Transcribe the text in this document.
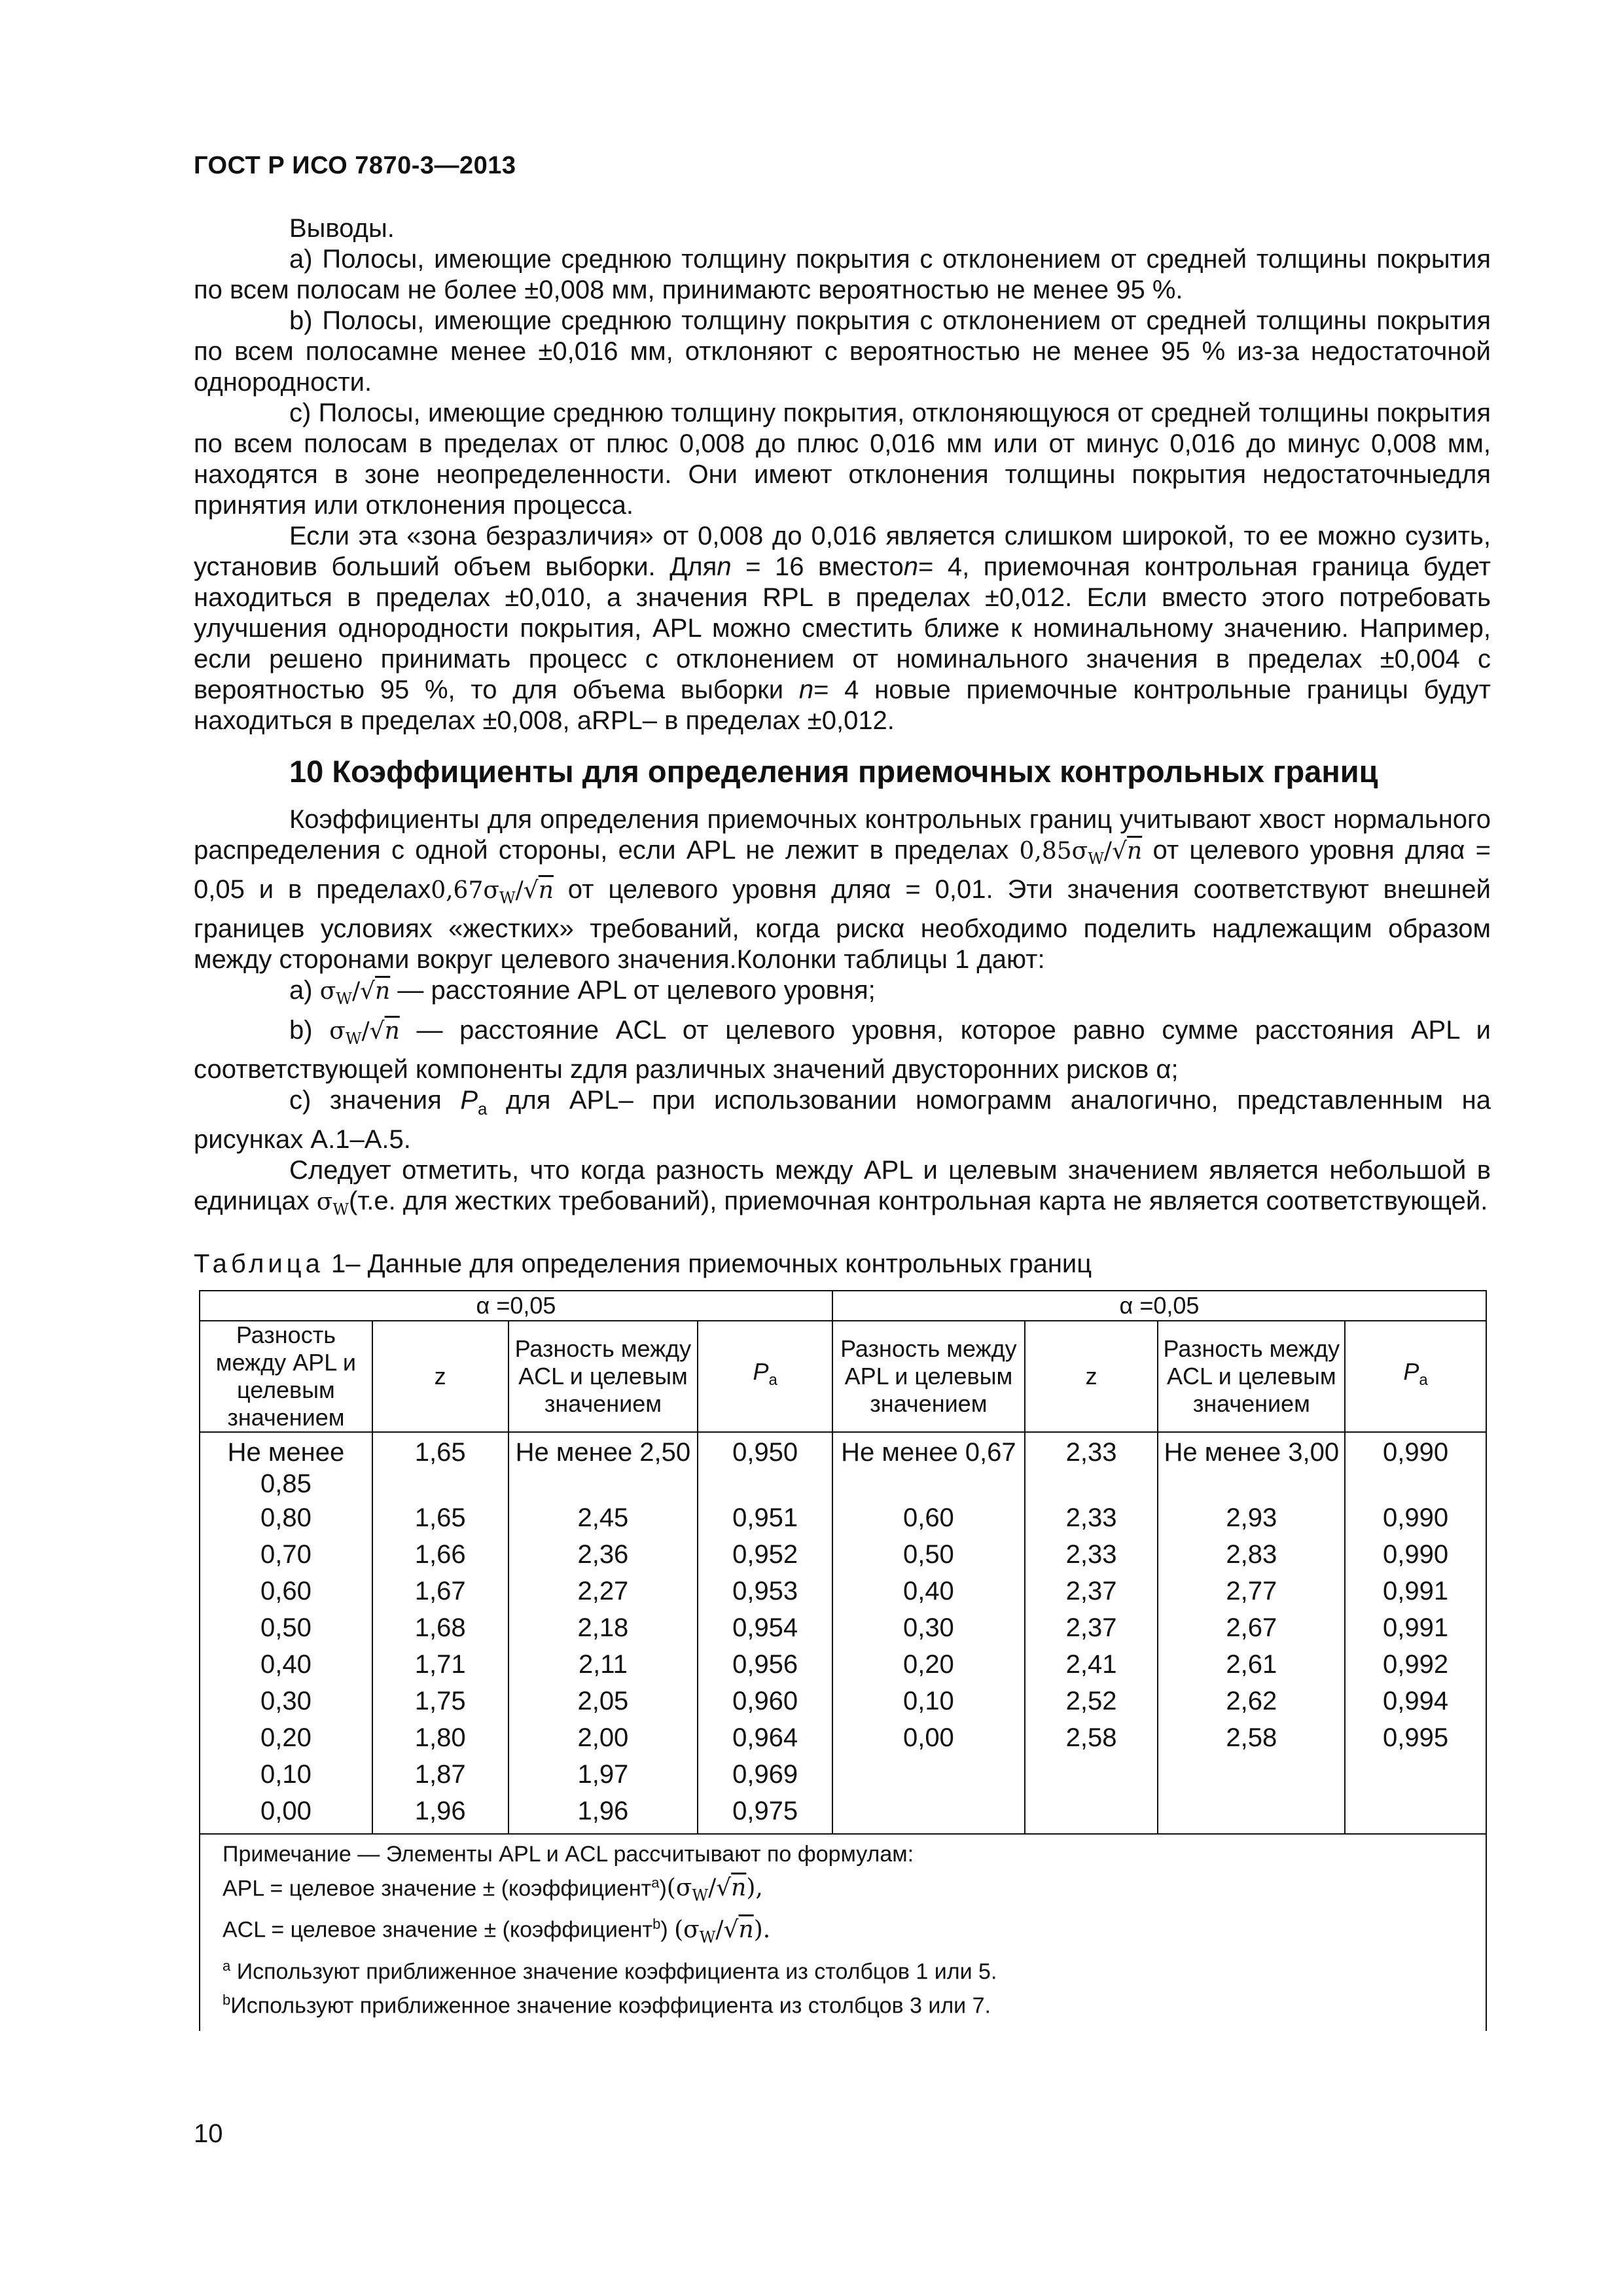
ГОСТ Р ИСО 7870-3—2013

Выводы.

a) Полосы, имеющие среднюю толщину покрытия с отклонением от средней толщины покрытия по всем полосам не более ±0,008 мм, принимаютс вероятностью не менее 95 %.

b) Полосы, имеющие среднюю толщину покрытия с отклонением от средней толщины покрытия по всем полосамне менее ±0,016 мм, отклоняют с вероятностью не менее 95 % из-за недостаточной однородности.

c) Полосы, имеющие среднюю толщину покрытия, отклоняющуюся от средней толщины покрытия по всем полосам в пределах от плюс 0,008 до плюс 0,016 мм или от минус 0,016 до минус 0,008 мм, находятся в зоне неопределенности. Они имеют отклонения толщины покрытия недостаточныедля принятия или отклонения процесса.

Если эта «зона безразличия» от 0,008 до 0,016 является слишком широкой, то ее можно сузить, установив больший объем выборки. Дляn = 16 вместоn= 4, приемочная контрольная граница будет находиться в пределах ±0,010, а значения RPL в пределах ±0,012. Если вместо этого потребовать улучшения однородности покрытия, APL можно сместить ближе к номинальному значению. Например, если решено принимать процесс с отклонением от номинального значения в пределах ±0,004 с вероятностью 95 %, то для объема выборки n= 4 новые приемочные контрольные границы будут находиться в пределах ±0,008, aRPL– в пределах ±0,012.

10 Коэффициенты для определения приемочных контрольных границ

Коэффициенты для определения приемочных контрольных границ учитывают хвост нормального распределения с одной стороны, если APL не лежит в пределах $0,85\sigma_W/√n$ от целевого уровня дляα = 0,05 и в $пределах0,67\sigma_W/√n$ от целевого уровня дляα = 0,01. Эти значения соответствуют внешней границев условиях «жестких» требований, когда рискα необходимо поделить надлежащим образом между сторонами вокруг целевого значения.Колонки таблицы 1 дают:

a) $\sigma_W/√n$ — расстояние APL от целевого уровня;

b) $\sigma_W/√n$ — расстояние ACL от целевого уровня, которое равно сумме расстояния APL и соответствующей компоненты zдля различных значений двусторонних рисков α;

c) значения $P_a$ для APL– при использовании номограмм аналогично, представленным на рисунках A.1–A.5.

Следует отметить, что когда разность между APL и целевым значением является небольшой в единицах $\sigma_W(т.е$. для жестких требований), приемочная контрольная карта не является соответствующей.

Таблица 1– Данные для определения приемочных контрольных границ
α =0,05				α =0,05			
Разность между APL и целевым значением	z	Разность между ACL и целевым значением	$P_a$	Разность между APL и целевым значением	z	Разность между ACL и целевым значением	$P_a$
Не менее 0,85	1,65	Не менее 2,50	0,950	Не менее 0,67	2,33	Не менее 3,00	0,990
0,80	1,65	2,45	0,951	0,60	2,33	2,93	0,990
0,70	1,66	2,36	0,952	0,50	2,33	2,83	0,990
0,60	1,67	2,27	0,953	0,40	2,37	2,77	0,991
0,50	1,68	2,18	0,954	0,30	2,37	2,67	0,991
0,40	1,71	2,11	0,956	0,20	2,41	2,61	0,992
0,30	1,75	2,05	0,960	0,10	2,52	2,62	0,994
0,20	1,80	2,00	0,964	0,00	2,58	2,58	0,995
0,10	1,87	1,97	0,969				
0,00	1,96	1,96	0,975				

Примечание — Элементы APL и ACL рассчитывают по формулам:
APL = целевое значение ± $(коэффициент^a)(\sigma_W/√n)$,
ACL = целевое значение ± (коэффициент$^b$) $(\sigma_W/√n)$.
$^a$ Используют приближенное значение коэффициента из столбцов 1 или 5.
$^b$Используют приближенное значение коэффициента из столбцов 3 или 7.							
10
